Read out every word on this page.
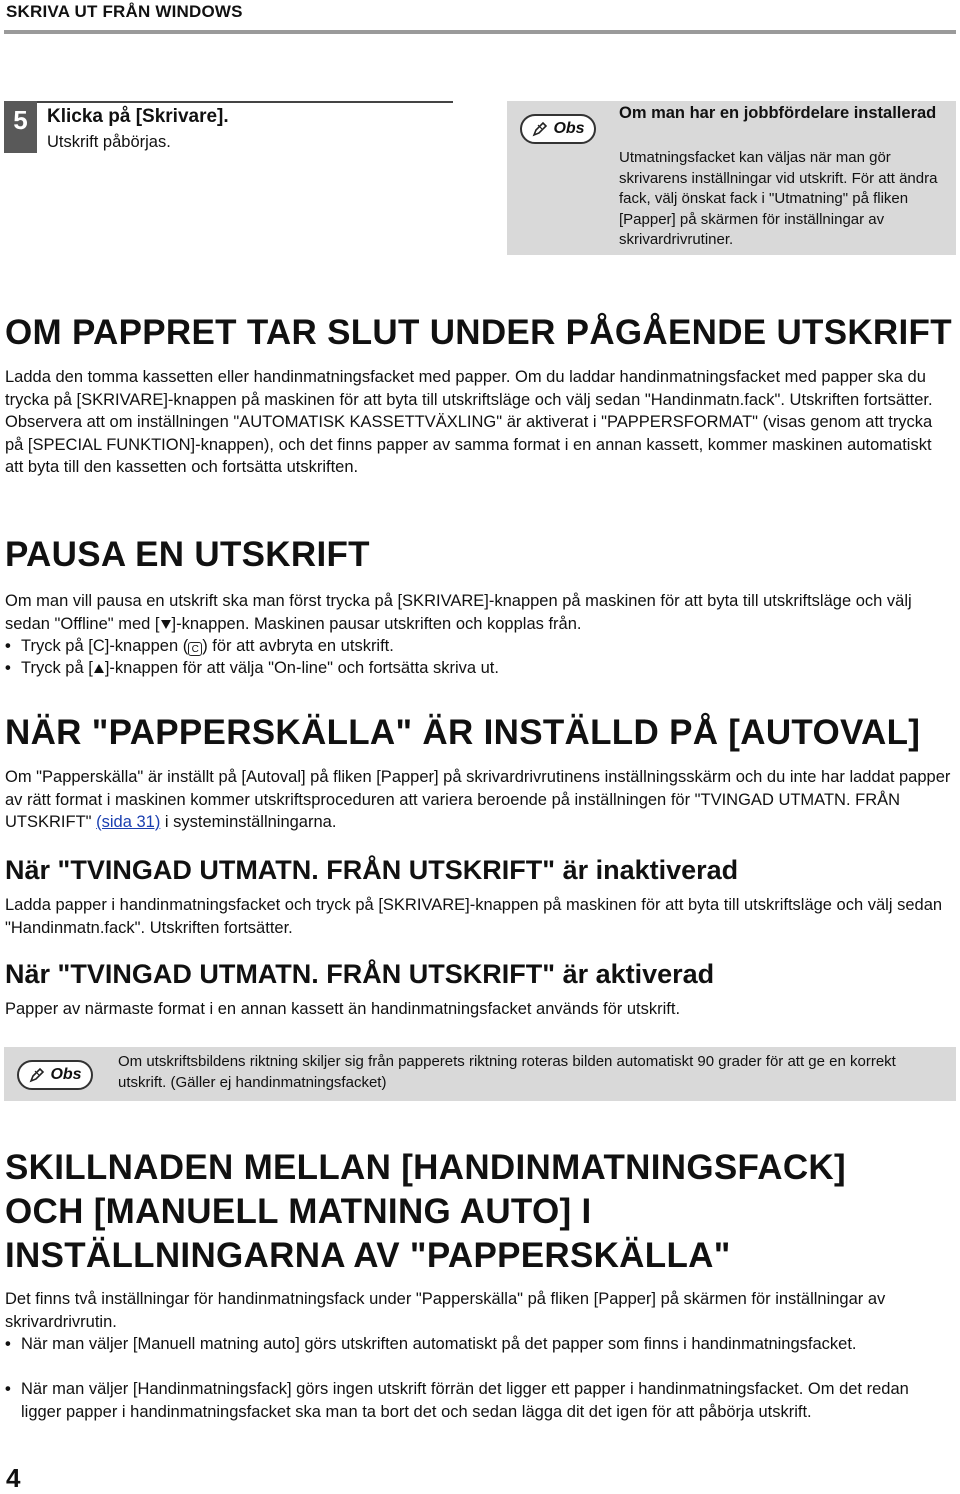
SKRIVA UT FRÅN WINDOWS
5	Klicka på [Skrivare].
Utskrift påbörjas.
Obs
Om man har en jobbfördelare installerad
Utmatningsfacket kan väljas när man gör skrivarens inställningar vid utskrift. För att ändra fack, välj önskat fack i "Utmatning" på fliken [Papper] på skärmen för inställningar av skrivardrivrutiner.
OM PAPPRET TAR SLUT UNDER PÅGÅENDE UTSKRIFT

Ladda den tomma kassetten eller handinmatningsfacket med papper. Om du laddar handinmatningsfacket med papper ska du trycka på [SKRIVARE]-knappen på maskinen för att byta till utskriftsläge och välj sedan "Handinmatn.fack". Utskriften fortsätter. Observera att om inställningen "AUTOMATISK KASSETTVÄXLING" är aktiverat i "PAPPERSFORMAT" (visas genom att trycka på [SPECIAL FUNKTION]-knappen), och det finns papper av samma format i en annan kassett, kommer maskinen automatiskt att byta till den kassetten och fortsätta utskriften.

PAUSA EN UTSKRIFT

Om man vill pausa en utskrift ska man först trycka på [SKRIVARE]-knappen på maskinen för att byta till utskriftsläge och välj sedan "Offline" med [ ]-knappen. Maskinen pausar utskriften och kopplas från.

• Tryck på [C]-knappen ( C ) för att avbryta en utskrift.
• Tryck på [ ]-knappen för att välja "On-line" och fortsätta skriva ut.
NÄR "PAPPERSKÄLLA" ÄR INSTÄLLD PÅ [AUTOVAL]

Om "Papperskälla" är inställt på [Autoval] på fliken [Papper] på skrivardrivrutinens inställningsskärm och du inte har laddat papper av rätt format i maskinen kommer utskriftsproceduren att variera beroende på inställningen för "TVINGAD UTMATN. FRÅN UTSKRIFT" (sida 31) i systeminställningarna.

När "TVINGAD UTMATN. FRÅN UTSKRIFT" är inaktiverad

Ladda papper i handinmatningsfacket och tryck på [SKRIVARE]-knappen på maskinen för att byta till utskriftsläge och välj sedan "Handinmatn.fack". Utskriften fortsätter.

När "TVINGAD UTMATN. FRÅN UTSKRIFT" är aktiverad

Papper av närmaste format i en annan kassett än handinmatningsfacket används för utskrift.

Obs
Om utskriftsbildens riktning skiljer sig från papperets riktning roteras bilden automatiskt 90 grader för att ge en korrekt utskrift. (Gäller ej handinmatningsfacket)
SKILLNADEN MELLAN [HANDINMATNINGSFACK]
OCH [MANUELL MATNING AUTO] I
INSTÄLLNINGARNA AV "PAPPERSKÄLLA"

Det finns två inställningar för handinmatningsfack under "Papperskälla" på fliken [Papper] på skärmen för inställningar av skrivardrivrutin.

• När man väljer [Manuell matning auto] görs utskriften automatiskt på det papper som finns i handinmatningsfacket.
• När man väljer [Handinmatningsfack] görs ingen utskrift förrän det ligger ett papper i handinmatningsfacket. Om det redan ligger papper i handinmatningsfacket ska man ta bort det och sedan lägga dit det igen för att påbörja utskrift.
4
